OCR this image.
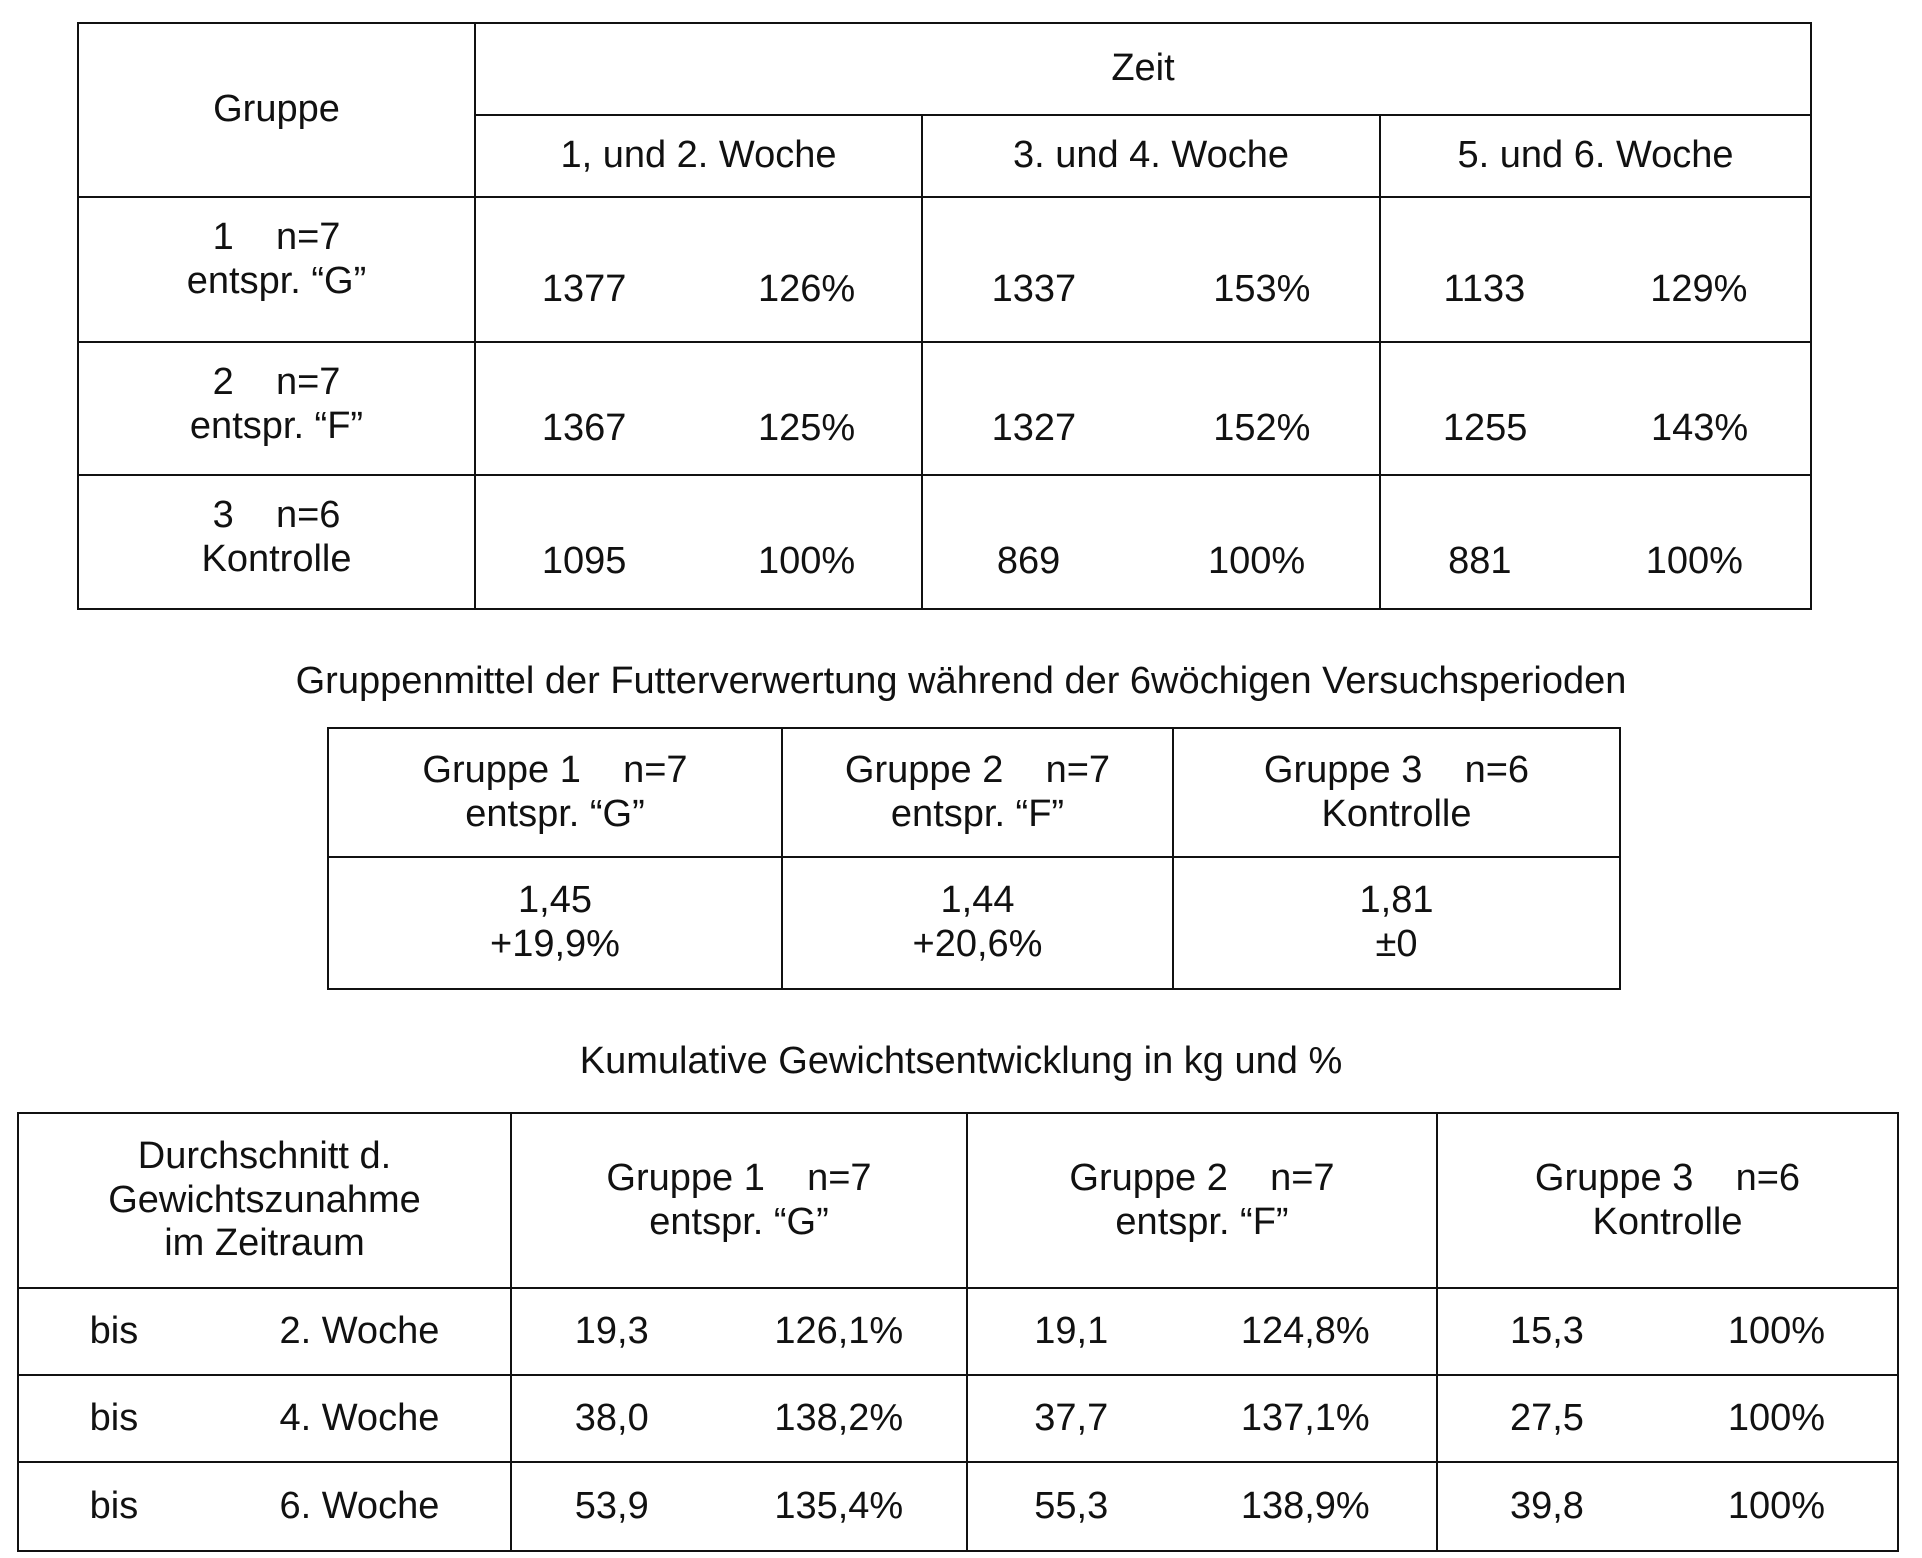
Gruppe	Zeit
1, und 2. Woche	3. und 4. Woche	5. und 6. Woche

1    n=7
entspr. “G”	1377	126%	1337	153%	1133	129%

2    n=7
entspr. “F”	1367	125%	1327	152%	1255	143%

3    n=6
Kontrolle	1095	100%	869	100%	881	100%
Gruppenmittel der Futterverwertung während der 6wöchigen Versuchsperioden
Gruppe 1    n=7
entspr. “G”

Gruppe 2    n=7
entspr. “F”

Gruppe 3    n=6
Kontrolle

1,45
+19,9%

1,44
+20,6%

1,81
±0
Kumulative Gewichtsentwicklung in kg und %
Durchschnitt d.
Gewichtszunahme
im Zeitraum

Gruppe 1    n=7
entspr. “G”

Gruppe 2    n=7
entspr. “F”

Gruppe 3    n=6
Kontrolle

bis	2. Woche	19,3	126,1%	19,1	124,8%	15,3	100%

bis	4. Woche	38,0	138,2%	37,7	137,1%	27,5	100%

bis	6. Woche	53,9	135,4%	55,3	138,9%	39,8	100%
